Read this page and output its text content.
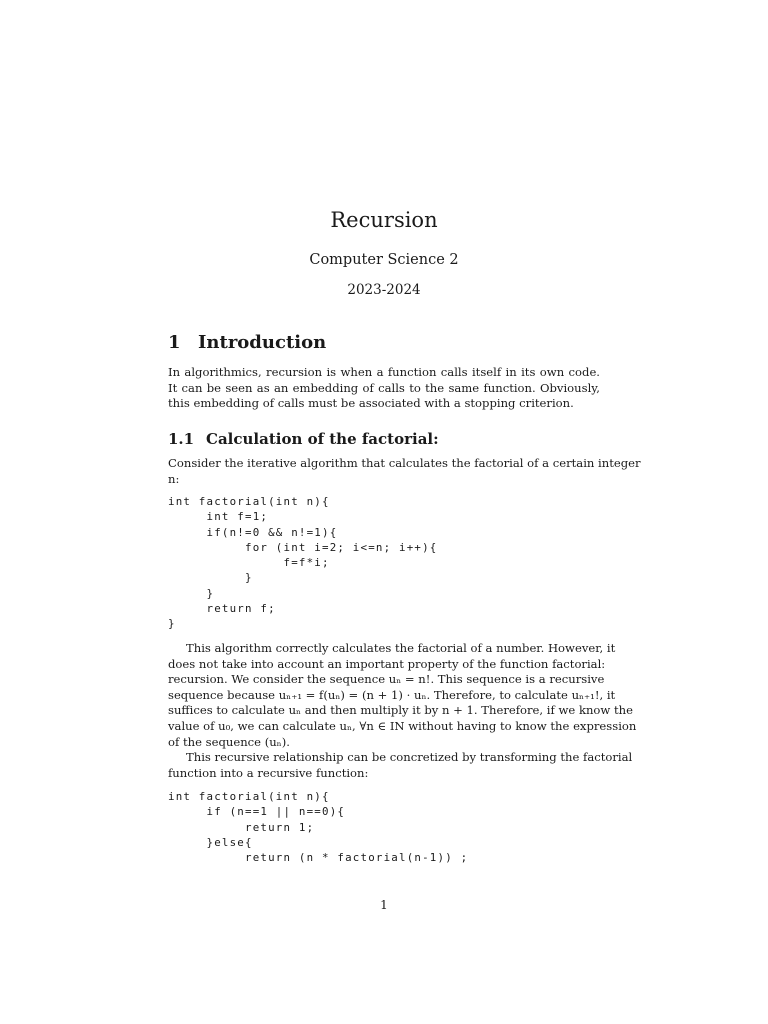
Recursion
Computer Science 2
2023-2024
1 Introduction
In algorithmics, recursion is when a function calls itself in its own code. It can be seen as an embedding of calls to the same function. Obviously, this embedding of calls must be associated with a stopping criterion.
1.1 Calculation of the factorial:
Consider the iterative algorithm that calculates the factorial of a certain integer
n:
int factorial(int n){
int f=1;
if(n!=0 && n!=1){
for (int i=2; i<=n; i++){
f=f*i;
}
}
return f;
}
This algorithm correctly calculates the factorial of a number. However, it
does not take into account an important property of the function factorial:
recursion. We consider the sequence uₙ = n!. This sequence is a recursive
sequence because uₙ₊₁ = f(uₙ) = (n + 1) · uₙ. Therefore, to calculate uₙ₊₁!, it
suffices to calculate uₙ and then multiply it by n + 1. Therefore, if we know the
value of u₀, we can calculate uₙ, ∀n ∈ IN without having to know the expression
of the sequence (uₙ).
This recursive relationship can be concretized by transforming the factorial
function into a recursive function:
int factorial(int n){
if (n==1 || n==0){
return 1;
}else{
return (n * factorial(n-1)) ;
1
